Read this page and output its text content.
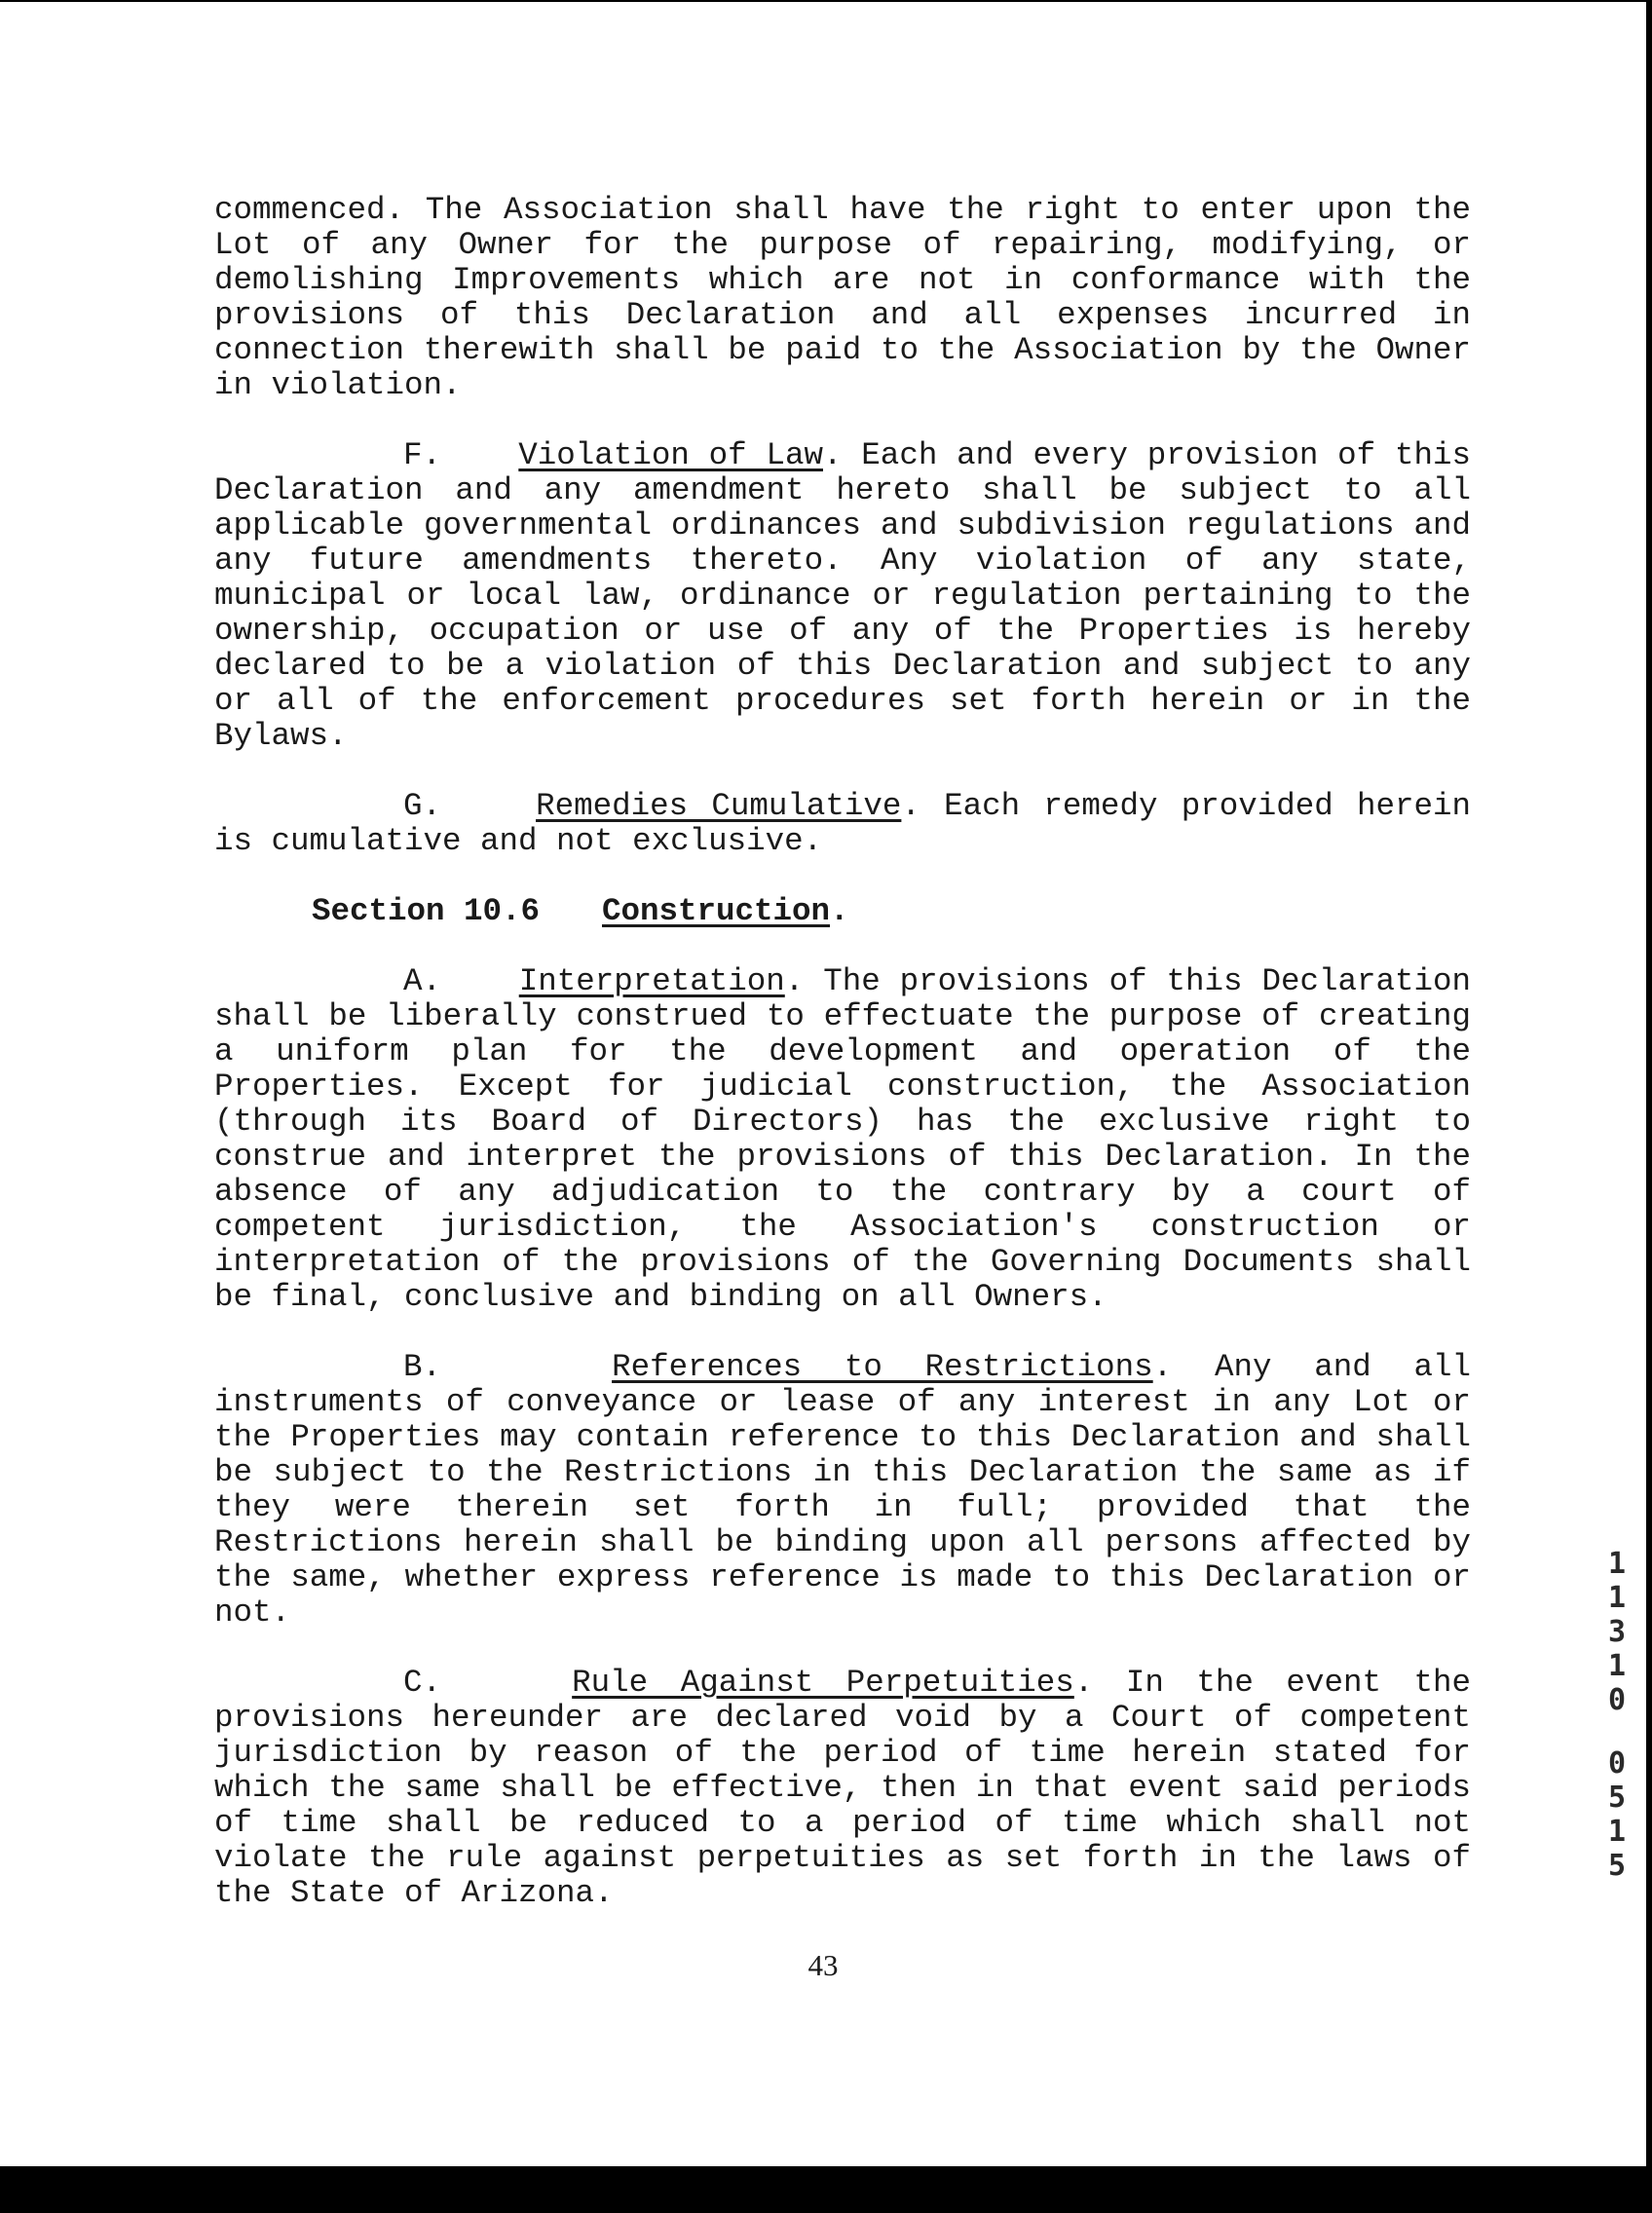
commenced. The Association shall have the right to enter upon the Lot of any Owner for the purpose of repairing, modifying, or demolishing Improvements which are not in conformance with the provisions of this Declaration and all expenses incurred in connection therewith shall be paid to the Association by the Owner in violation.

F. Violation of Law. Each and every provision of this Declaration and any amendment hereto shall be subject to all applicable governmental ordinances and subdivision regulations and any future amendments thereto. Any violation of any state, municipal or local law, ordinance or regulation pertaining to the ownership, occupation or use of any of the Properties is hereby declared to be a violation of this Declaration and subject to any or all of the enforcement procedures set forth herein or in the Bylaws.

G.	Remedies Cumulative. Each remedy provided herein is cumulative and not exclusive.

Section 10.6 Construction.

A. Interpretation. The provisions of this Declaration shall be liberally construed to effectuate the purpose of creating a uniform plan for the development and operation of the Properties. Except for judicial construction, the Association (through its Board of Directors) has the exclusive right to construe and interpret the provisions of this Declaration. In the absence of any adjudication to the contrary by a court of competent jurisdiction, the Association's construction or interpretation of the provisions of the Governing Documents shall be final, conclusive and binding on all Owners.

B.	References to Restrictions. Any and all instruments of conveyance or lease of any interest in any Lot or the Properties may contain reference to this Declaration and shall be subject to the Restrictions in this Declaration the same as if they were therein set forth in full; provided that the Restrictions herein shall be binding upon all persons affected by the same, whether express reference is made to this Declaration or not.

C.	Rule Against Perpetuities. In the event the provisions hereunder are declared void by a Court of competent jurisdiction by reason of the period of time herein stated for which the same shall be effective, then in that event said periods of time shall be reduced to a period of time which shall not violate the rule against perpetuities as set forth in the laws of the State of Arizona.

1
1
3
1
0
0
5
1
5
43
